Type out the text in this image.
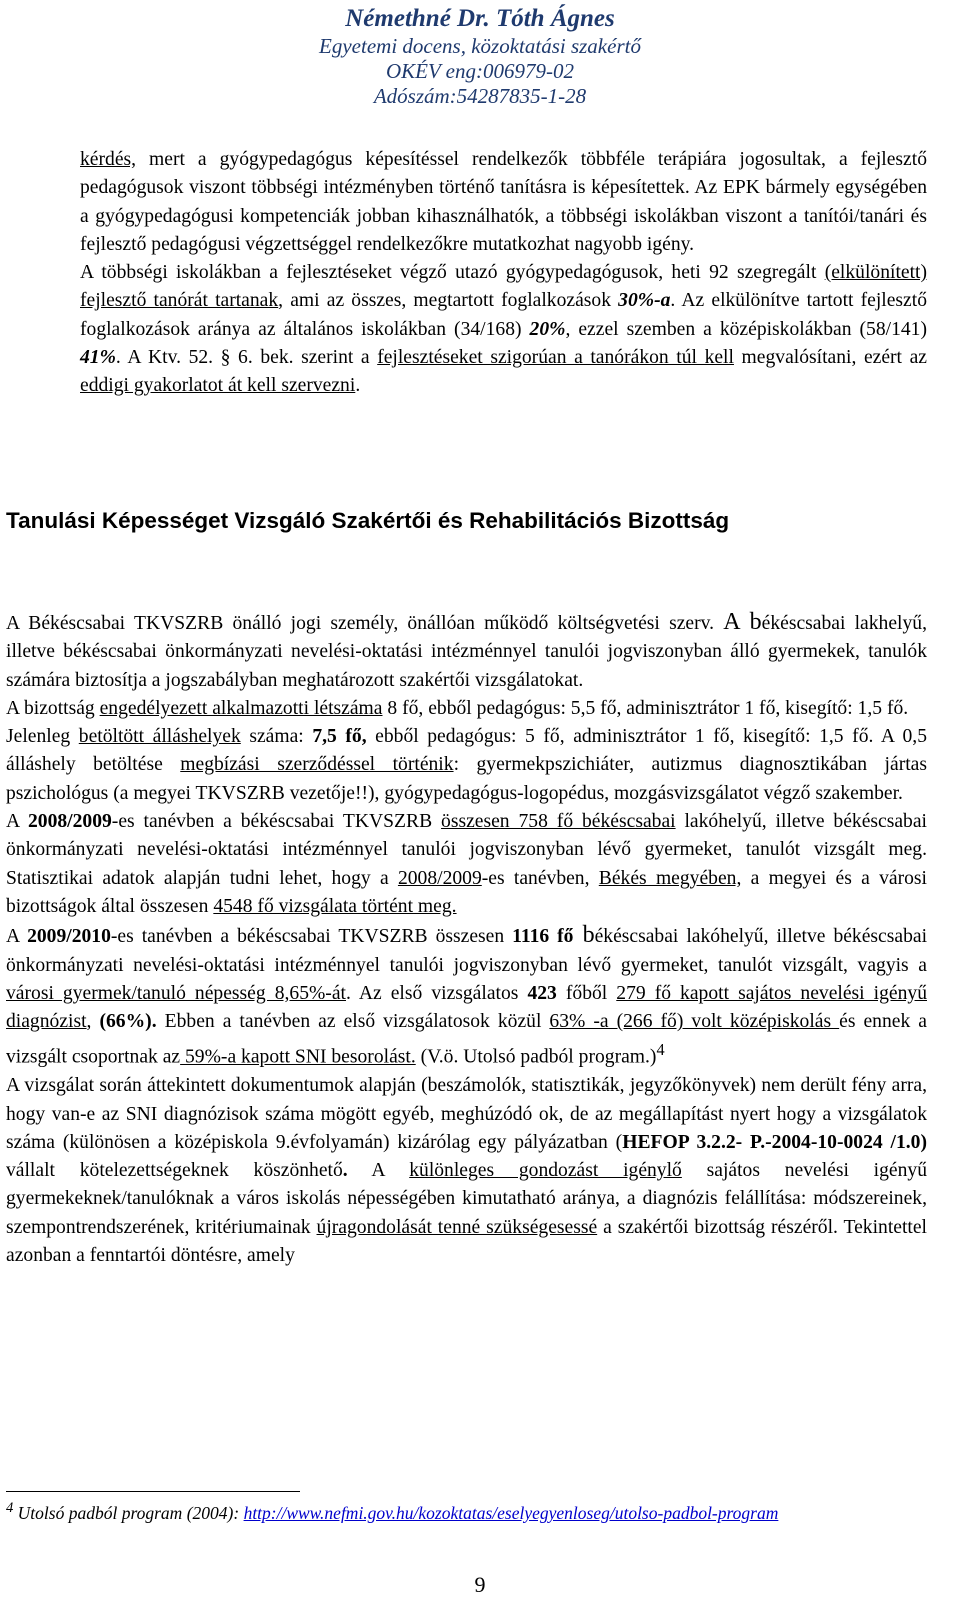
Némethné Dr. Tóth Ágnes
Egyetemi docens, közoktatási szakértő
OKÉV eng:006979-02
Adószám:54287835-1-28

kérdés, mert a gyógypedagógus képesítéssel rendelkezők többféle terápiára jogosultak, a fejlesztő pedagógusok viszont többségi intézményben történő tanításra is képesítettek. Az EPK bármely egységében a gyógypedagógusi kompetenciák jobban kihasználhatók, a többségi iskolákban viszont a tanítói/tanári és fejlesztő pedagógusi végzettséggel rendelkezőkre mutatkozhat nagyobb igény.

A többségi iskolákban a fejlesztéseket végző utazó gyógypedagógusok, heti 92 szegregált (elkülönített) fejlesztő tanórát tartanak, ami az összes, megtartott foglalkozások 30%-a. Az elkülönítve tartott fejlesztő foglalkozások aránya az általános iskolákban (34/168) 20%, ezzel szemben a középiskolákban (58/141) 41%. A Ktv. 52. § 6. bek. szerint a fejlesztéseket szigorúan a tanórákon túl kell megvalósítani, ezért az eddigi gyakorlatot át kell szervezni.

Tanulási Képességet Vizsgáló Szakértői és Rehabilitációs Bizottság

A Békéscsabai TKVSZRB önálló jogi személy, önállóan működő költségvetési szerv. A békéscsabai lakhelyű, illetve békéscsabai önkormányzati nevelési-oktatási intézménnyel tanulói jogviszonyban álló gyermekek, tanulók számára biztosítja a jogszabályban meghatározott szakértői vizsgálatokat.

A bizottság engedélyezett alkalmazotti létszáma 8 fő, ebből pedagógus: 5,5 fő, adminisztrátor 1 fő, kisegítő: 1,5 fő.

Jelenleg betöltött álláshelyek száma: 7,5 fő, ebből pedagógus: 5 fő, adminisztrátor 1 fő, kisegítő: 1,5 fő. A 0,5 álláshely betöltése megbízási szerződéssel történik: gyermekpszichiáter, autizmus diagnosztikában jártas pszichológus (a megyei TKVSZRB vezetője!!), gyógypedagógus-logopédus, mozgásvizsgálatot végző szakember.

A 2008/2009-es tanévben a békéscsabai TKVSZRB összesen 758 fő békéscsabai lakóhelyű, illetve békéscsabai önkormányzati nevelési-oktatási intézménnyel tanulói jogviszonyban lévő gyermeket, tanulót vizsgált meg. Statisztikai adatok alapján tudni lehet, hogy a 2008/2009-es tanévben, Békés megyében, a megyei és a városi bizottságok által összesen 4548 fő vizsgálata történt meg.

A 2009/2010-es tanévben a békéscsabai TKVSZRB összesen 1116 fő békéscsabai lakóhelyű, illetve békéscsabai önkormányzati nevelési-oktatási intézménnyel tanulói jogviszonyban lévő gyermeket, tanulót vizsgált, vagyis a városi gyermek/tanuló népesség 8,65%-át. Az első vizsgálatos 423 főből 279 fő kapott sajátos nevelési igényű diagnózist, (66%). Ebben a tanévben az első vizsgálatosok közül 63% -a (266 fő) volt középiskolás és ennek a vizsgált csoportnak az 59%-a kapott SNI besorolást. (V.ö. Utolsó padból program.)$^4$

A vizsgálat során áttekintett dokumentumok alapján (beszámolók, statisztikák, jegyzőkönyvek) nem derült fény arra, hogy van-e az SNI diagnózisok száma mögött egyéb, meghúzódó ok, de az megállapítást nyert hogy a vizsgálatok száma (különösen a középiskola 9.évfolyamán) kizárólag egy pályázatban (HEFOP 3.2.2- P.-2004-10-0024 /1.0) vállalt kötelezettségeknek köszönhető. A különleges gondozást igénylő sajátos nevelési igényű gyermekeknek/tanulóknak a város iskolás népességében kimutatható aránya, a diagnózis felállítása: módszereinek, szempontrendszerének, kritériumainak újragondolását tenné szükségesessé a szakértői bizottság részéről. Tekintettel azonban a fenntartói döntésre, amely

$^4$ Utolsó padból program (2004): http://www.nefmi.gov.hu/kozoktatas/eselyegyenloseg/utolso-padbol-program
9
